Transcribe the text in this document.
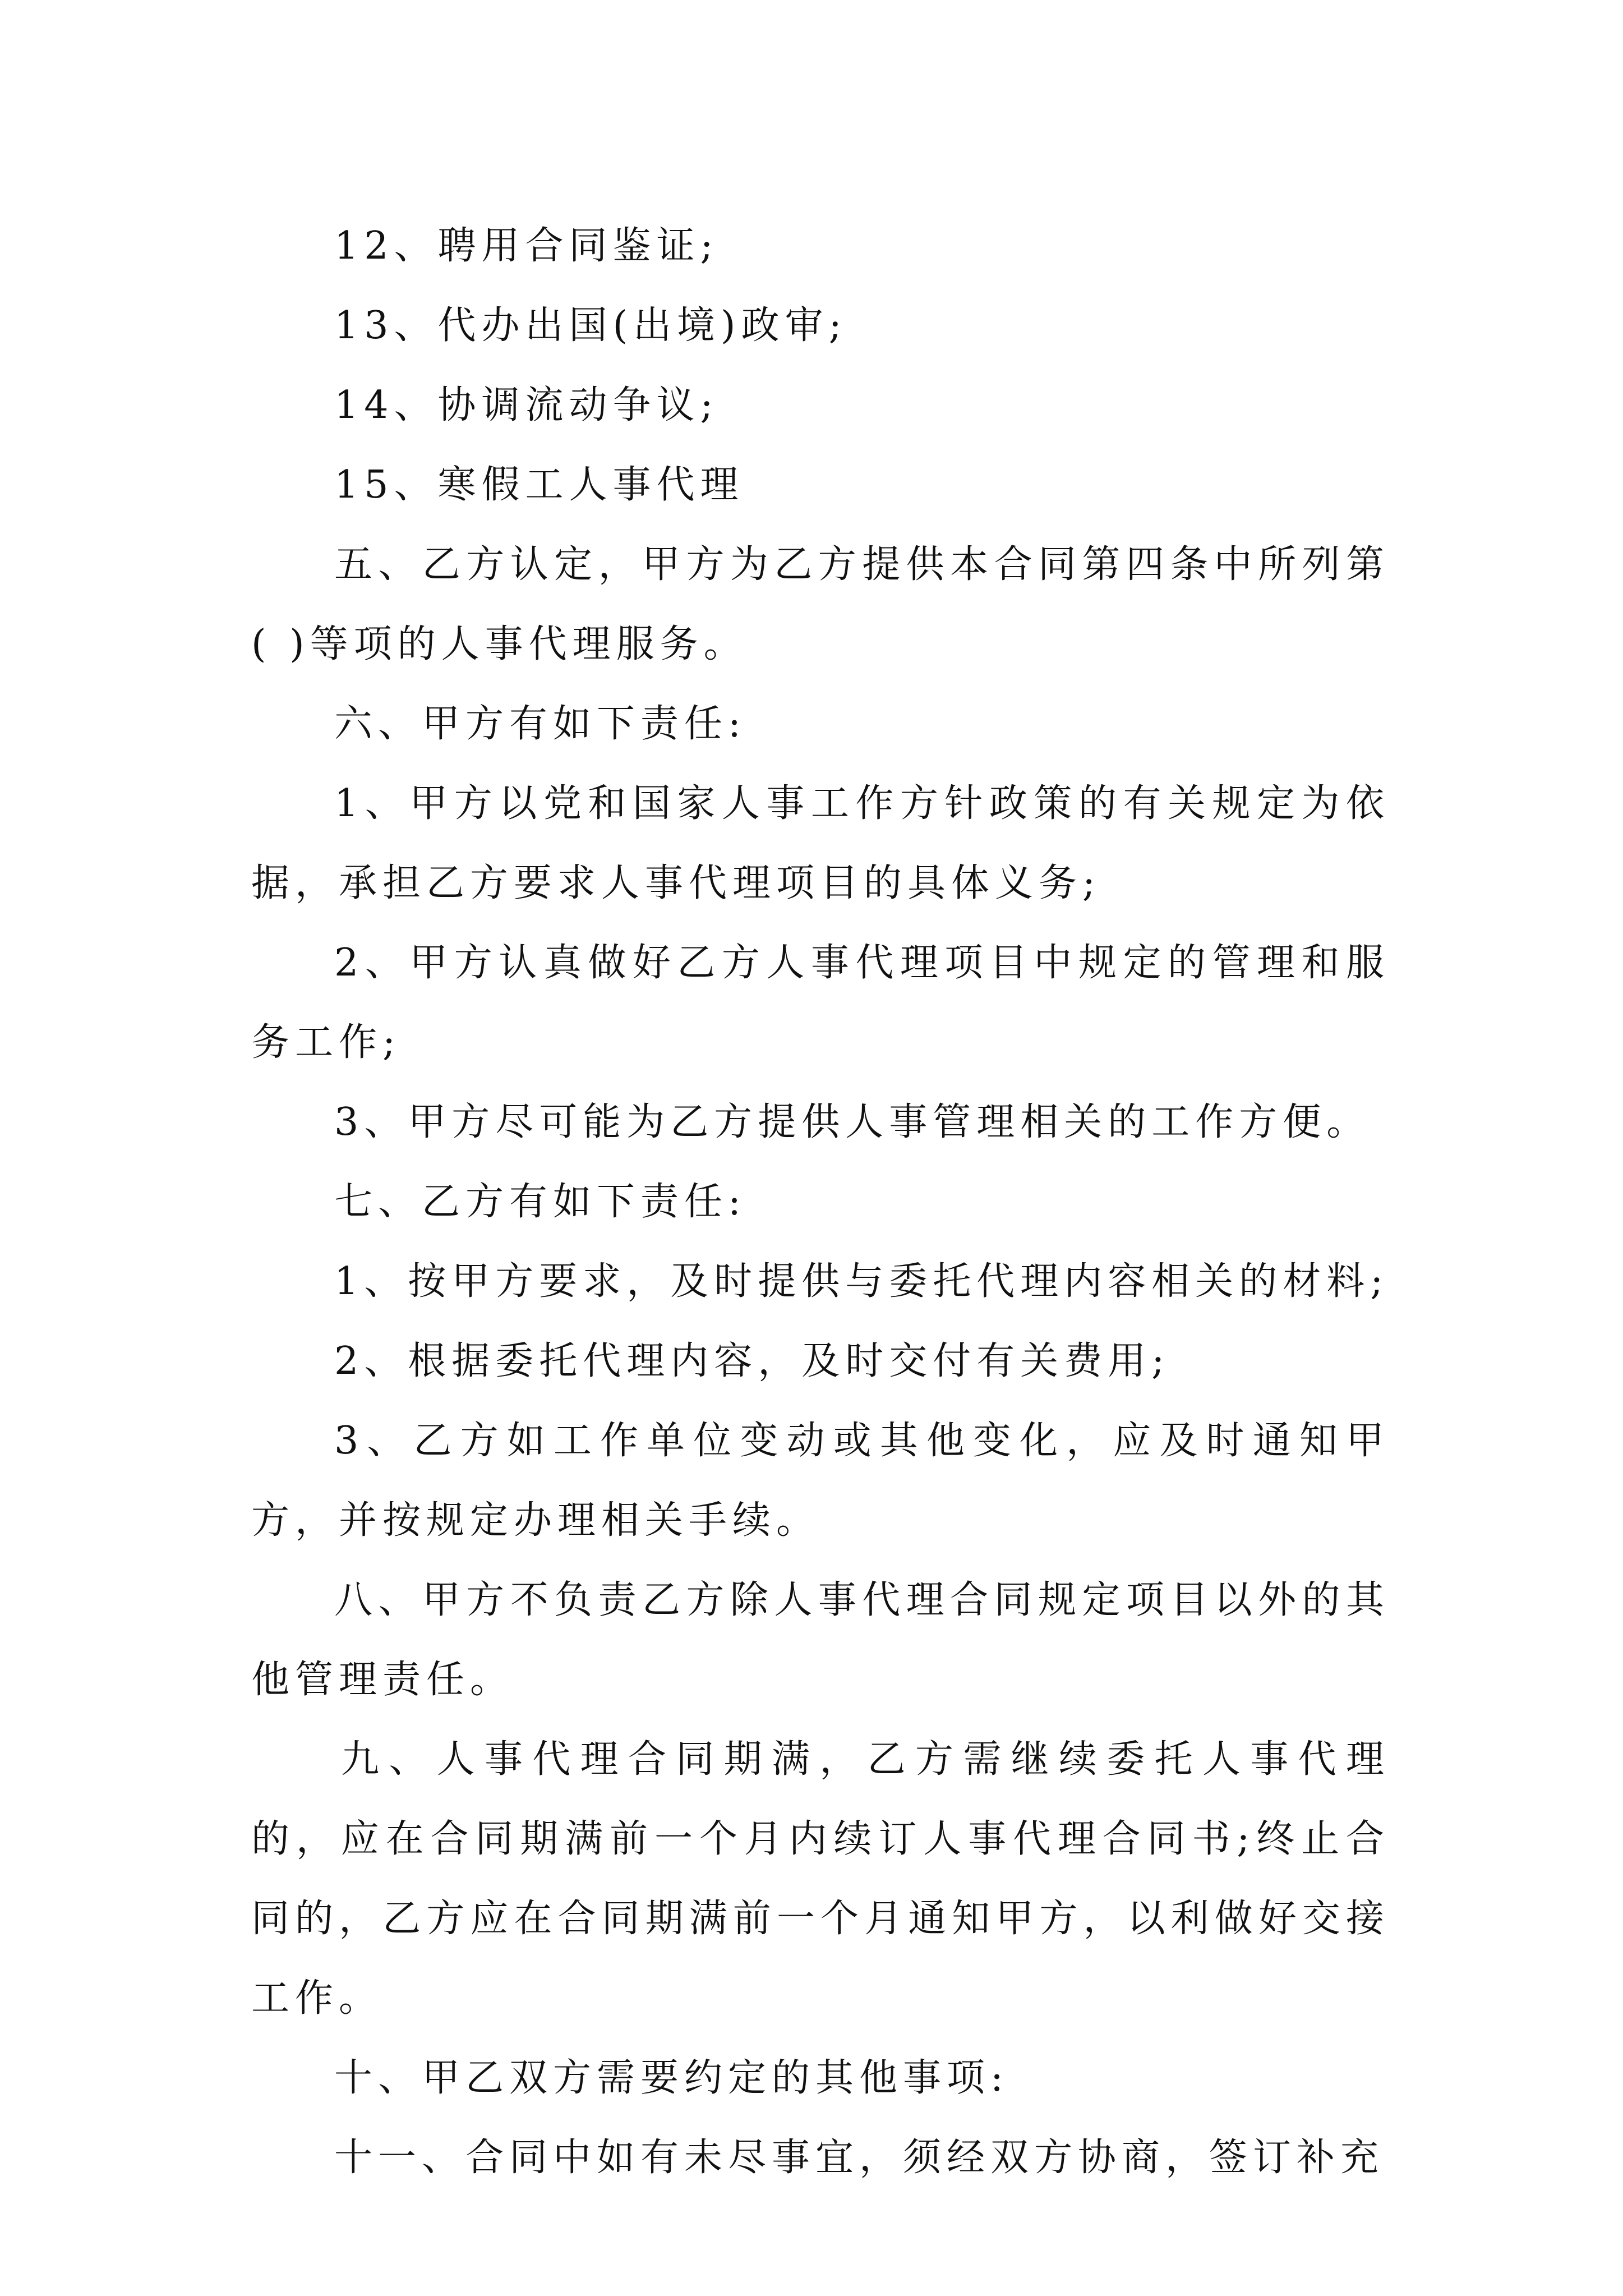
12、聘用合同鉴证;

13、代办出国(出境)政审;

14、协调流动争议;

15、寒假工人事代理

五、乙方认定，甲方为乙方提供本合同第四条中所列第( )等项的人事代理服务。

六、甲方有如下责任:

1、甲方以党和国家人事工作方针政策的有关规定为依据，承担乙方要求人事代理项目的具体义务;

2、甲方认真做好乙方人事代理项目中规定的管理和服务工作;

3、甲方尽可能为乙方提供人事管理相关的工作方便。

七、乙方有如下责任:

1、按甲方要求，及时提供与委托代理内容相关的材料;

2、根据委托代理内容，及时交付有关费用;

3、乙方如工作单位变动或其他变化，应及时通知甲方，并按规定办理相关手续。

八、甲方不负责乙方除人事代理合同规定项目以外的其他管理责任。

九、人事代理合同期满，乙方需继续委托人事代理的，应在合同期满前一个月内续订人事代理合同书;终止合同的，乙方应在合同期满前一个月通知甲方，以利做好交接工作。

十、甲乙双方需要约定的其他事项:

十一、合同中如有未尽事宜，须经双方协商，签订补充
